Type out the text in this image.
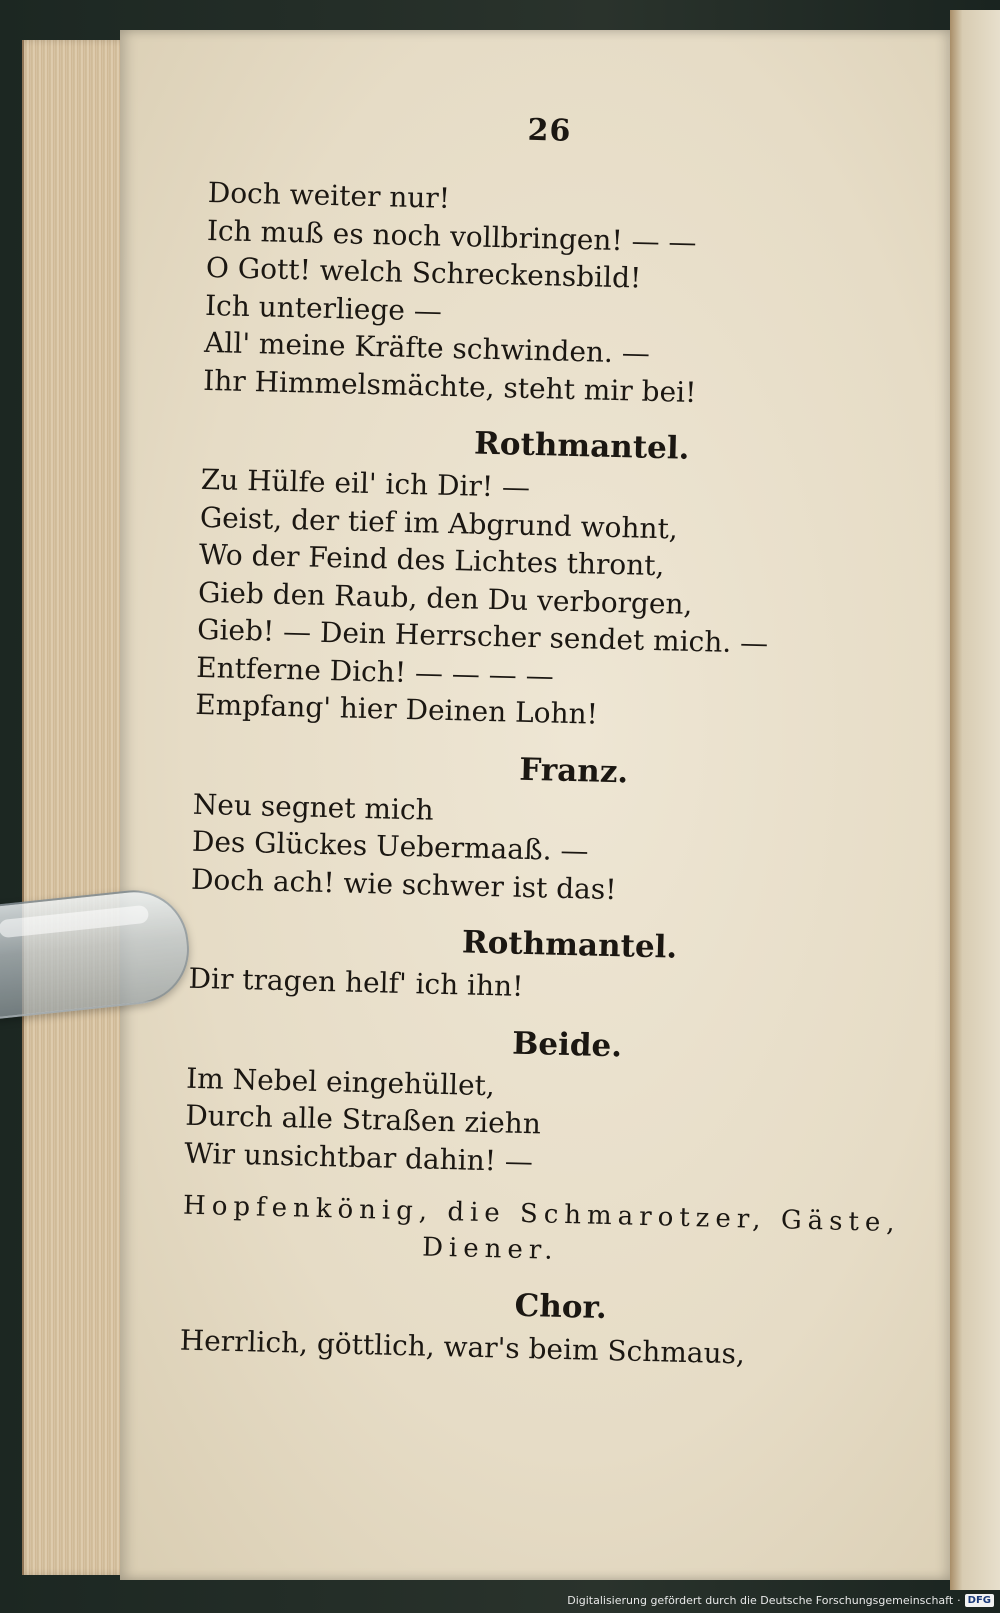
26
Doch weiter nur!
Ich muß es noch vollbringen! — —
O Gott! welch Schreckensbild!
Ich unterliege —
All' meine Kräfte schwinden. —
Ihr Himmelsmächte, steht mir bei!
Rothmantel.
Zu Hülfe eil' ich Dir! —
Geist, der tief im Abgrund wohnt,
Wo der Feind des Lichtes thront,
Gieb den Raub, den Du verborgen,
Gieb! — Dein Herrscher sendet mich. —
Entferne Dich! — — — —
Empfang' hier Deinen Lohn!
Franz.
Neu segnet mich
Des Glückes Uebermaaß. —
Doch ach! wie schwer ist das!
Rothmantel.
Dir tragen helf' ich ihn!
Beide.
Im Nebel eingehüllet,
Durch alle Straßen ziehn
Wir unsichtbar dahin! —
Hopfenkönig, die Schmarotzer, Gäste,
Diener.
Chor.
Herrlich, göttlich, war's beim Schmaus,
Digitalisierung gefördert durch die Deutsche Forschungsgemeinschaft · DFG
